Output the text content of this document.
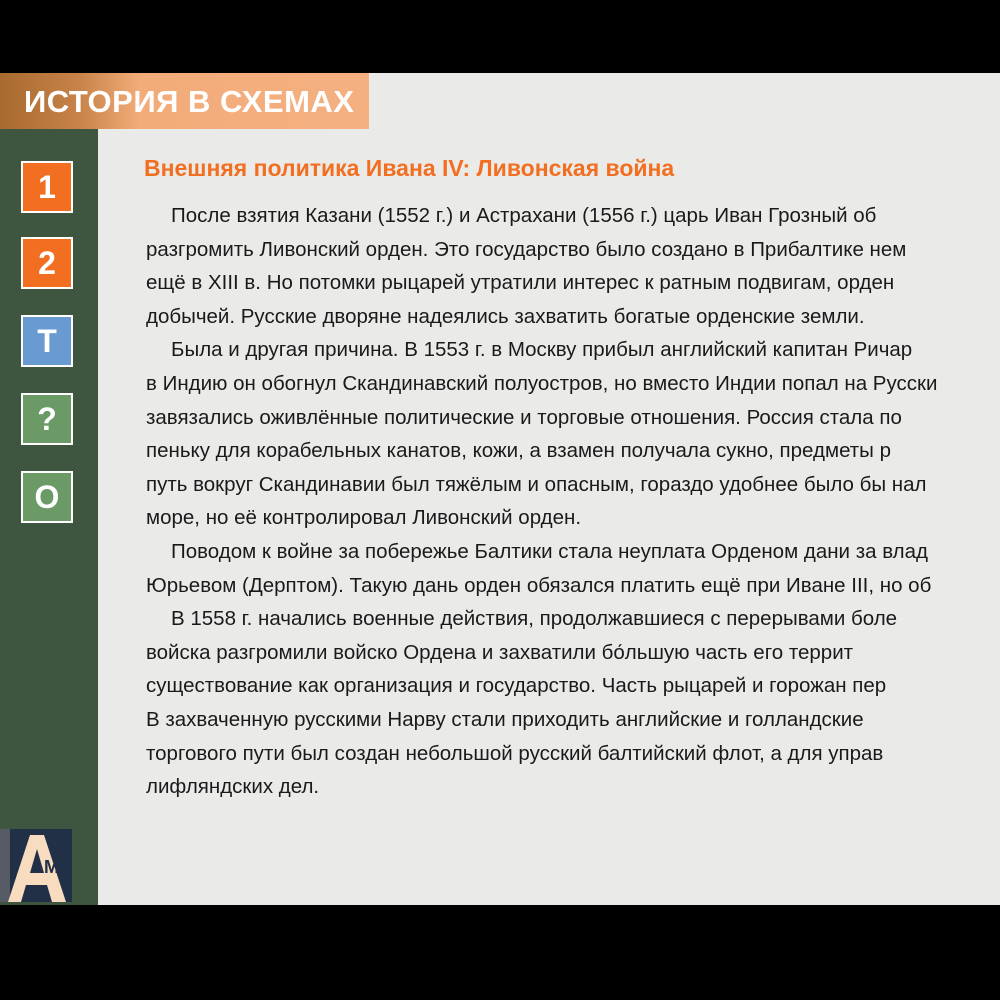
Внешняя политика Ивана IV: Ливонская война

После взятия Казани (1552 г.) и Астрахани (1556 г.) царь Иван Грозный об

разгромить Ливонский орден. Это государство было создано в Прибалтике нем

ещё в XIII в. Но потомки рыцарей утратили интерес к ратным подвигам, орден

добычей. Русские дворяне надеялись захватить богатые орденские земли.

Была и другая причина. В 1553 г. в Москву прибыл английский капитан Ричар

в Индию он обогнул Скандинавский полуостров, но вместо Индии попал на Русски

завязались оживлённые политические и торговые отношения. Россия стала по

пеньку для корабельных канатов, кожи, а взамен получала сукно, предметы р

путь вокруг Скандинавии был тяжёлым и опасным, гораздо удобнее было бы нал

море, но её контролировал Ливонский орден.

Поводом к войне за побережье Балтики стала неуплата Орденом дани за влад

Юрьевом (Дерптом). Такую дань орден обязался платить ещё при Иване III, но об

В 1558 г. начались военные действия, продолжавшиеся с перерывами боле

войска разгромили войско Ордена и захватили бо́льшую часть его террит

существование как организация и государство. Часть рыцарей и горожан пер

В захваченную русскими Нарву стали приходить английские и голландские

торгового пути был создан небольшой русский балтийский флот, а для управ

лифляндских дел.

ИСТОРИЯ В СХЕМАХ
1
2
Т
?
О
M
